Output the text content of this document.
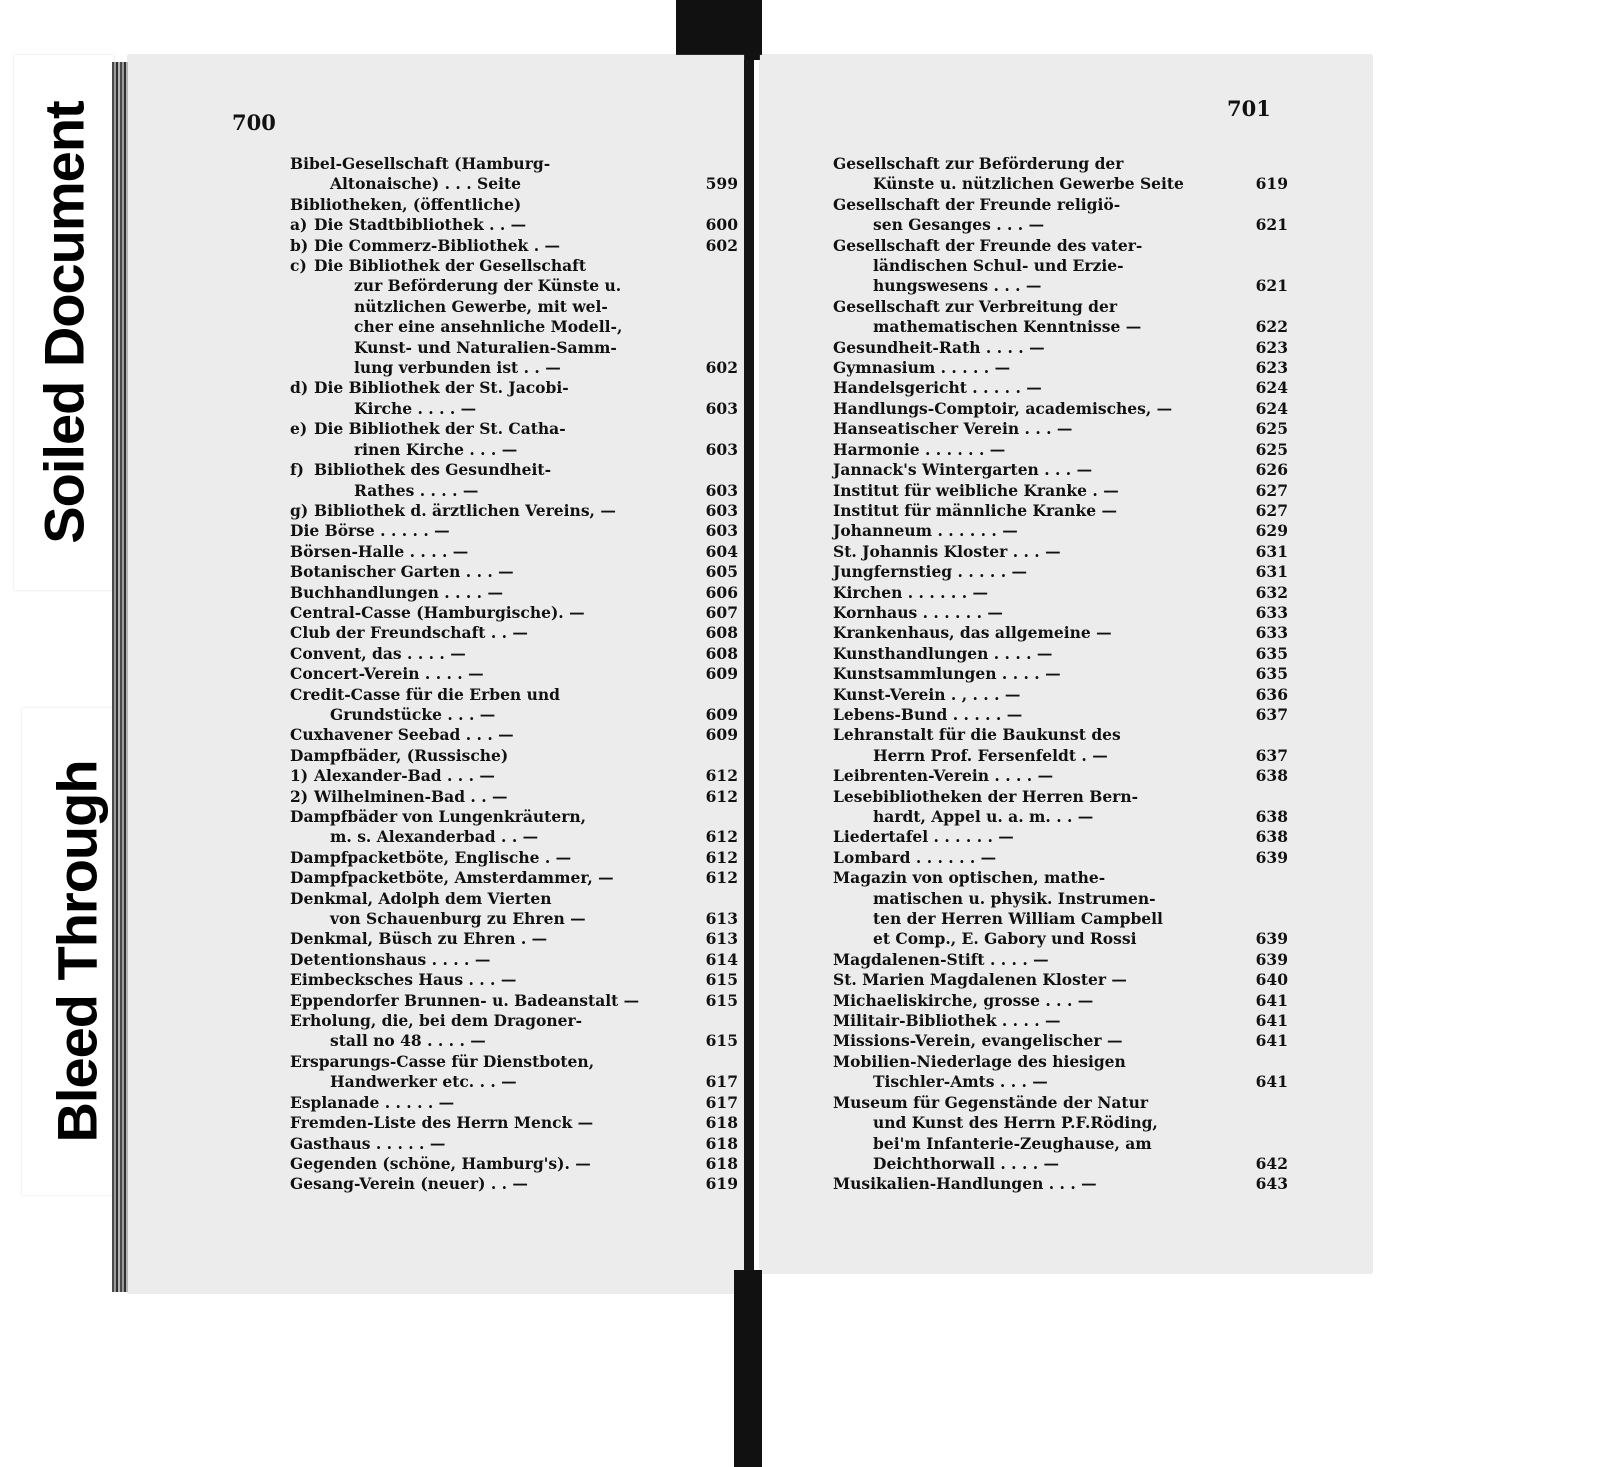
Soiled Document
Bleed Through
700
701
Bibel-Gesellschaft (Hamburg-
Altonaische) . . . Seite	599
Bibliotheken, (öffentliche)
a) Die Stadtbibliothek . . —	600
b) Die Commerz-Bibliothek . —	602
c) Die Bibliothek der Gesellschaft
zur Beförderung der Künste u.
nützlichen Gewerbe, mit wel-
cher eine ansehnliche Modell-,
Kunst- und Naturalien-Samm-
lung verbunden ist . . —	602
d) Die Bibliothek der St. Jacobi-
Kirche . . . . —	603
e) Die Bibliothek der St. Catha-
rinen Kirche . . . —	603
f) Bibliothek des Gesundheit-
Rathes . . . . —	603
g) Bibliothek d. ärztlichen Vereins, —	603
Die Börse . . . . . —	603
Börsen-Halle . . . . —	604
Botanischer Garten . . . —	605
Buchhandlungen . . . . —	606
Central-Casse (Hamburgische). —	607
Club der Freundschaft . . —	608
Convent, das . . . . —	608
Concert-Verein . . . . —	609
Credit-Casse für die Erben und
Grundstücke . . . —	609
Cuxhavener Seebad . . . —	609
Dampfbäder, (Russische)
1) Alexander-Bad . . . —	612
2) Wilhelminen-Bad . . —	612
Dampfbäder von Lungenkräutern,
m. s. Alexanderbad . . —	612
Dampfpacketböte, Englische . —	612
Dampfpacketböte, Amsterdammer, —	612
Denkmal, Adolph dem Vierten
von Schauenburg zu Ehren —	613
Denkmal, Büsch zu Ehren . —	613
Detentionshaus . . . . —	614
Eimbecksches Haus . . . —	615
Eppendorfer Brunnen- u. Badeanstalt —	615
Erholung, die, bei dem Dragoner-
stall no 48 . . . . —	615
Ersparungs-Casse für Dienstboten,
Handwerker etc. . . —	617
Esplanade . . . . . —	617
Fremden-Liste des Herrn Menck —	618
Gasthaus . . . . . —	618
Gegenden (schöne, Hamburg's). —	618
Gesang-Verein (neuer) . . —	619
Gesellschaft zur Beförderung der
Künste u. nützlichen Gewerbe Seite	619
Gesellschaft der Freunde religiö-
sen Gesanges . . . —	621
Gesellschaft der Freunde des vater-
ländischen Schul- und Erzie-
hungswesens . . . —	621
Gesellschaft zur Verbreitung der
mathematischen Kenntnisse —	622
Gesundheit-Rath . . . . —	623
Gymnasium . . . . . —	623
Handelsgericht . . . . . —	624
Handlungs-Comptoir, academisches, —	624
Hanseatischer Verein . . . —	625
Harmonie . . . . . . —	625
Jannack's Wintergarten . . . —	626
Institut für weibliche Kranke . —	627
Institut für männliche Kranke —	627
Johanneum . . . . . . —	629
St. Johannis Kloster . . . —	631
Jungfernstieg . . . . . —	631
Kirchen . . . . . . —	632
Kornhaus . . . . . . —	633
Krankenhaus, das allgemeine —	633
Kunsthandlungen . . . . —	635
Kunstsammlungen . . . . —	635
Kunst-Verein . , . . . —	636
Lebens-Bund . . . . . —	637
Lehranstalt für die Baukunst des
Herrn Prof. Fersenfeldt . —	637
Leibrenten-Verein . . . . —	638
Lesebibliotheken der Herren Bern-
hardt, Appel u. a. m. . . —	638
Liedertafel . . . . . . —	638
Lombard . . . . . . —	639
Magazin von optischen, mathe-
matischen u. physik. Instrumen-
ten der Herren William Campbell
et Comp., E. Gabory und Rossi	639
Magdalenen-Stift . . . . —	639
St. Marien Magdalenen Kloster —	640
Michaeliskirche, grosse . . . —	641
Militair-Bibliothek . . . . —	641
Missions-Verein, evangelischer —	641
Mobilien-Niederlage des hiesigen
Tischler-Amts . . . —	641
Museum für Gegenstände der Natur
und Kunst des Herrn P.F.Röding,
bei'm Infanterie-Zeughause, am
Deichthorwall . . . . —	642
Musikalien-Handlungen . . . —	643
